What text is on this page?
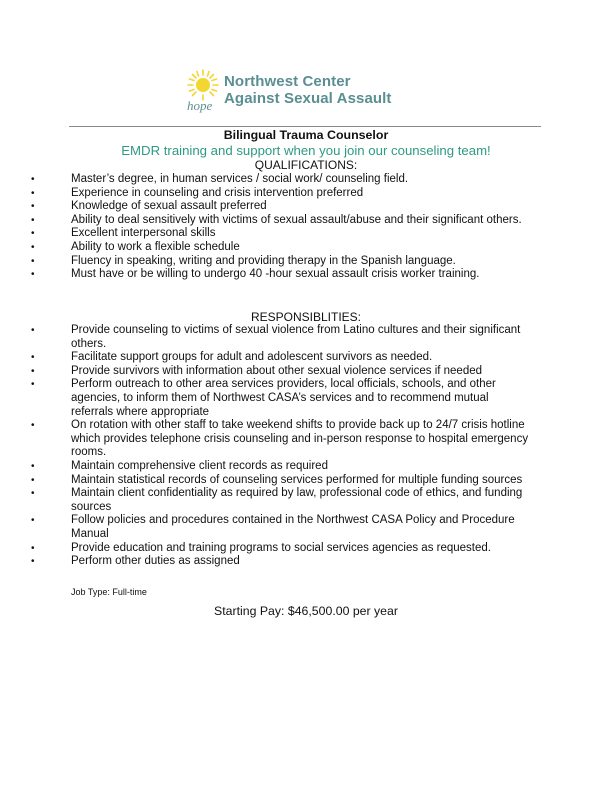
hope
Northwest Center
Against Sexual Assault
Bilingual Trauma Counselor
EMDR training and support when you join our counseling team!
QUALIFICATIONS:
• Master’s degree, in human services / social work/ counseling field.
• Experience in counseling and crisis intervention preferred
• Knowledge of sexual assault preferred
• Ability to deal sensitively with victims of sexual assault/abuse and their significant others.
• Excellent interpersonal skills
• Ability to work a flexible schedule
• Fluency in speaking, writing and providing therapy in the Spanish language.
• Must have or be willing to undergo 40 -hour sexual assault crisis worker training.
RESPONSIBLITIES:
• Provide counseling to victims of sexual violence from Latino cultures and their significant others.
• Facilitate support groups for adult and adolescent survivors as needed.
• Provide survivors with information about other sexual violence services if needed
• Perform outreach to other area services providers, local officials, schools, and other agencies, to inform them of Northwest CASA’s services and to recommend mutual referrals where appropriate
• On rotation with other staff to take weekend shifts to provide back up to 24/7 crisis hotline which provides telephone crisis counseling and in-person response to hospital emergency rooms.
• Maintain comprehensive client records as required
• Maintain statistical records of counseling services performed for multiple funding sources
• Maintain client confidentiality as required by law, professional code of ethics, and funding sources
• Follow policies and procedures contained in the Northwest CASA Policy and Procedure Manual
• Provide education and training programs to social services agencies as requested.
• Perform other duties as assigned
Job Type: Full-time
Starting Pay: $46,500.00 per year
